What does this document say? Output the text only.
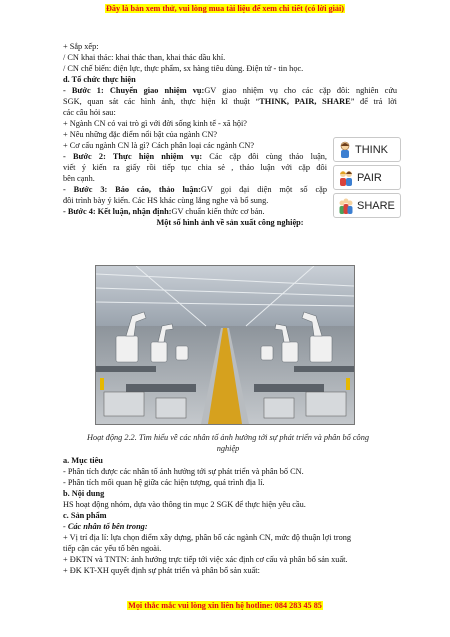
Đây là bản xem thử, vui lòng mua tài liệu để xem chi tiết (có lời giải)
+ Sắp xếp:
/ CN khai thác: khai thác than, khai thác dầu khí.
/ CN chế biến: điện lực, thực phẩm, sx hàng tiêu dùng. Điện tử - tin học.
d. Tổ chức thực hiện
- Bước 1: Chuyển giao nhiệm vụ:GV giao nhiệm vụ cho các cặp đôi: nghiên cứu
SGK, quan sát các hình ảnh, thực hiện kĩ thuật “THINK, PAIR, SHARE” để trả lời
các câu hỏi sau:
+ Ngành CN có vai trò gì với đời sống kinh tế - xã hội?
+ Nêu những đặc điểm nổi bật của ngành CN?
+ Cơ cấu ngành CN là gì? Cách phân loại các ngành CN?
- Bước 2: Thực hiện nhiệm vụ: Các cặp đôi cùng thảo luận,
viết ý kiến ra giấy rồi tiếp tục chia sẻ , thảo luận với cặp đôi
bên cạnh.
- Bước 3: Báo cáo, thảo luận:GV gọi đại diện một số cặp
đôi trình bày ý kiến. Các HS khác cùng lắng nghe và bổ sung.
- Bước 4: Kết luận, nhận định:GV chuẩn kiến thức cơ bản.
Một số hình ảnh về sản xuất công nghiệp:
THINK
PAIR
SHARE
Hoạt động 2.2. Tìm hiểu về các nhân tố ảnh hưởng tới sự phát triển và phân bố công
nghiệp
a. Mục tiêu
- Phân tích được các nhân tố ảnh hưởng tới sự phát triển và phân bố CN.
- Phân tích mối quan hệ giữa các hiện tượng, quá trình địa lí.
b. Nội dung
HS hoạt động nhóm, dựa vào thông tin mục 2 SGK để thực hiện yêu cầu.
c. Sản phẩm
- Các nhân tố bên trong:
+ Vị trí địa lí: lựa chọn điểm xây dựng, phân bố các ngành CN, mức độ thuận lợi trong
tiếp cận các yếu tố bên ngoài.
+ ĐKTN và TNTN: ảnh hưởng trực tiếp tới việc xác định cơ cấu và phân bố sản xuất.
+ ĐK KT-XH quyết định sự phát triển và phân bố sản xuất:
Mọi thắc mắc vui lòng xin liên hệ hotline: 084 283 45 85
